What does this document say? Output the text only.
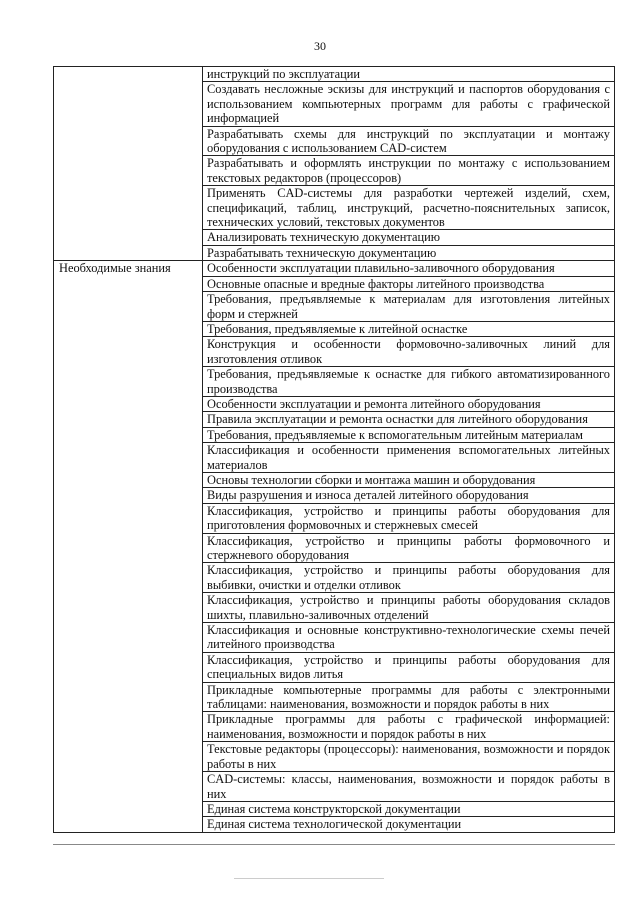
30
	инструкций по эксплуатации
	Создавать несложные эскизы для инструкций и паспортов оборудования с использованием компьютерных программ для работы с графической информацией
	Разрабатывать схемы для инструкций по эксплуатации и монтажу оборудования с использованием CAD-систем
	Разрабатывать и оформлять инструкции по монтажу с использованием текстовых редакторов (процессоров)
	Применять CAD-системы для разработки чертежей изделий, схем, спецификаций, таблиц, инструкций, расчетно-пояснительных записок, технических условий, текстовых документов
	Анализировать техническую документацию
	Разрабатывать техническую документацию
Необходимые знания	Особенности эксплуатации плавильно-заливочного оборудования
	Основные опасные и вредные факторы литейного производства
	Требования, предъявляемые к материалам для изготовления литейных форм и стержней
	Требования, предъявляемые к литейной оснастке
	Конструкция и особенности формовочно-заливочных линий для изготовления отливок
	Требования, предъявляемые к оснастке для гибкого автоматизированного производства
	Особенности эксплуатации и ремонта литейного оборудования
	Правила эксплуатации и ремонта оснастки для литейного оборудования
	Требования, предъявляемые к вспомогательным литейным материалам
	Классификация и особенности применения вспомогательных литейных материалов
	Основы технологии сборки и монтажа машин и оборудования
	Виды разрушения и износа деталей литейного оборудования
	Классификация, устройство и принципы работы оборудования для приготовления формовочных и стержневых смесей
	Классификация, устройство и принципы работы формовочного и стержневого оборудования
	Классификация, устройство и принципы работы оборудования для выбивки, очистки и отделки отливок
	Классификация, устройство и принципы работы оборудования складов шихты, плавильно-заливочных отделений
	Классификация и основные конструктивно-технологические схемы печей литейного производства
	Классификация, устройство и принципы работы оборудования для специальных видов литья
	Прикладные компьютерные программы для работы с электронными таблицами: наименования, возможности и порядок работы в них
	Прикладные программы для работы с графической информацией: наименования, возможности и порядок работы в них
	Текстовые редакторы (процессоры): наименования, возможности и порядок работы в них
	CAD-системы: классы, наименования, возможности и порядок работы в них
	Единая система конструкторской документации
	Единая система технологической документации
